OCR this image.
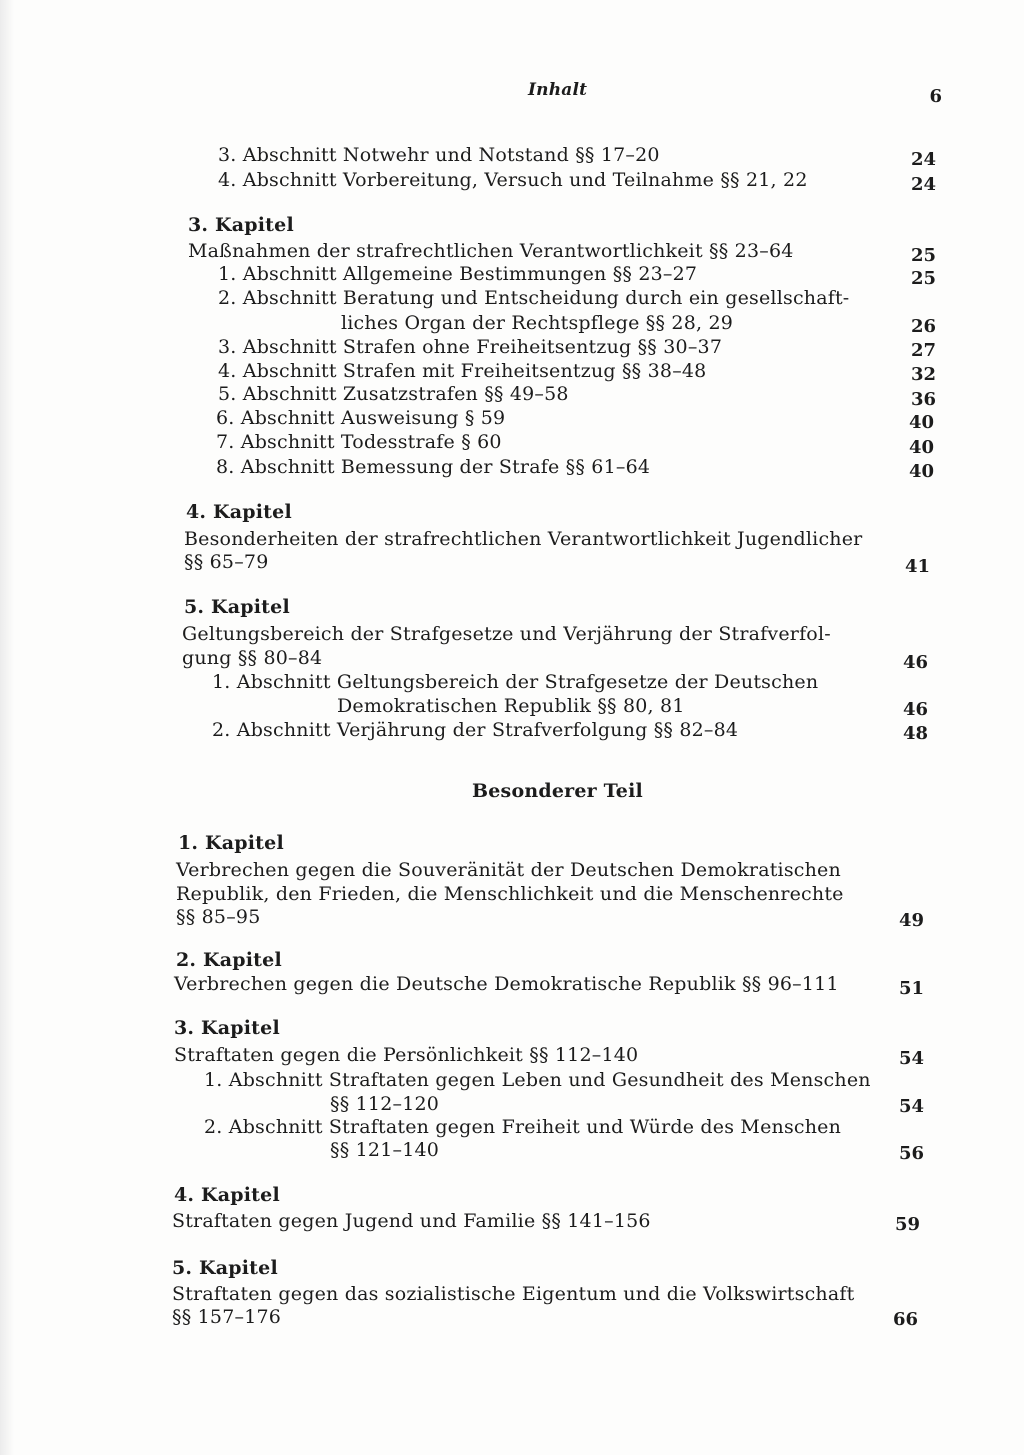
Inhalt	6
3. Abschnitt Notwehr und Notstand §§ 17–20	24
4. Abschnitt Vorbereitung, Versuch und Teilnahme §§ 21, 22	24
3. Kapitel
Maßnahmen der strafrechtlichen Verantwortlichkeit §§ 23–64	25
1. Abschnitt Allgemeine Bestimmungen §§ 23–27	25
2. Abschnitt Beratung und Entscheidung durch ein gesellschaft-
liches Organ der Rechtspflege §§ 28, 29	26
3. Abschnitt Strafen ohne Freiheitsentzug §§ 30–37	27
4. Abschnitt Strafen mit Freiheitsentzug §§ 38–48	32
5. Abschnitt Zusatzstrafen §§ 49–58	36
6. Abschnitt Ausweisung § 59	40
7. Abschnitt Todesstrafe § 60	40
8. Abschnitt Bemessung der Strafe §§ 61–64	40
4. Kapitel
Besonderheiten der strafrechtlichen Verantwortlichkeit Jugendlicher
§§ 65–79	41
5. Kapitel
Geltungsbereich der Strafgesetze und Verjährung der Strafverfol-
gung §§ 80–84	46
1. Abschnitt Geltungsbereich der Strafgesetze der Deutschen
Demokratischen Republik §§ 80, 81	46
2. Abschnitt Verjährung der Strafverfolgung §§ 82–84	48
Besonderer Teil
1. Kapitel
Verbrechen gegen die Souveränität der Deutschen Demokratischen
Republik, den Frieden, die Menschlichkeit und die Menschenrechte
§§ 85–95	49
2. Kapitel
Verbrechen gegen die Deutsche Demokratische Republik §§ 96–111	51
3. Kapitel
Straftaten gegen die Persönlichkeit §§ 112–140	54
1. Abschnitt Straftaten gegen Leben und Gesundheit des Menschen
§§ 112–120	54
2. Abschnitt Straftaten gegen Freiheit und Würde des Menschen
§§ 121–140	56
4. Kapitel
Straftaten gegen Jugend und Familie §§ 141–156	59
5. Kapitel
Straftaten gegen das sozialistische Eigentum und die Volkswirtschaft
§§ 157–176	66
